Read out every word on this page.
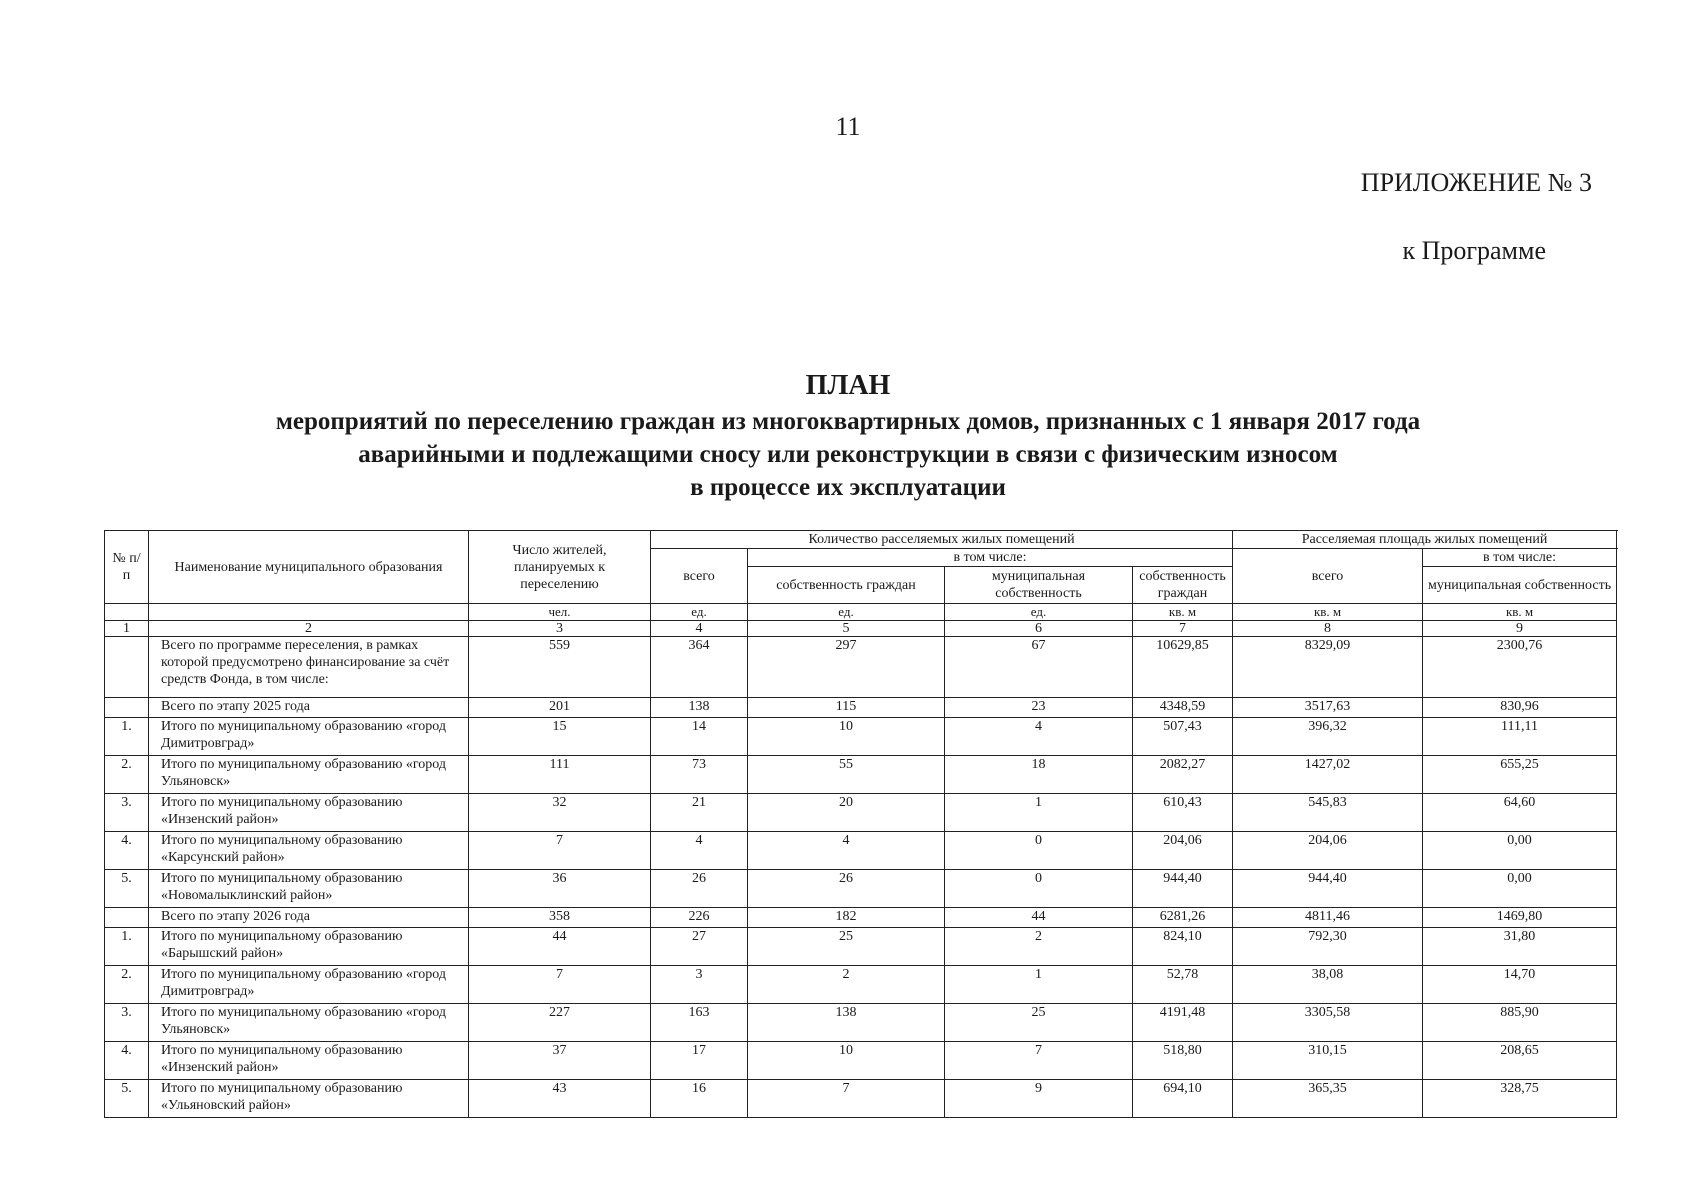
11
ПРИЛОЖЕНИЕ № 3
к Программе
ПЛАН
мероприятий по переселению граждан из многоквартирных домов, признанных с 1 января 2017 года
аварийными и подлежащими сносу или реконструкции в связи с физическим износом
в процессе их эксплуатации
№ п/п	Наименование муниципального образования	Число жителей, планируемых к переселению	Количество расселяемых жилых помещений				Расселяемая площадь жилых помещений	
			всего	в том числе:			всего	в том числе:
				собственность граждан	муниципальная собственность	собственность граждан		муниципальная собственность
		чел.	ед.	ед.	ед.	кв. м	кв. м	кв. м
1	2	3	4	5	6	7	8	9
	Всего по программе переселения, в рамках которой предусмотрено финансирование за счёт средств Фонда, в том числе:	559	364	297	67	10629,85	8329,09	2300,76
	Всего по этапу 2025 года	201	138	115	23	4348,59	3517,63	830,96
1.	Итого по муниципальному образованию «город Димитровград»	15	14	10	4	507,43	396,32	111,11
2.	Итого по муниципальному образованию «город Ульяновск»	111	73	55	18	2082,27	1427,02	655,25
3.	Итого по муниципальному образованию «Инзенский район»	32	21	20	1	610,43	545,83	64,60
4.	Итого по муниципальному образованию «Карсунский район»	7	4	4	0	204,06	204,06	0,00
5.	Итого по муниципальному образованию «Новомалыклинский район»	36	26	26	0	944,40	944,40	0,00
	Всего по этапу 2026 года	358	226	182	44	6281,26	4811,46	1469,80
1.	Итого по муниципальному образованию «Барышский район»	44	27	25	2	824,10	792,30	31,80
2.	Итого по муниципальному образованию «город Димитровград»	7	3	2	1	52,78	38,08	14,70
3.	Итого по муниципальному образованию «город Ульяновск»	227	163	138	25	4191,48	3305,58	885,90
4.	Итого по муниципальному образованию «Инзенский район»	37	17	10	7	518,80	310,15	208,65
5.	Итого по муниципальному образованию «Ульяновский район»	43	16	7	9	694,10	365,35	328,75
